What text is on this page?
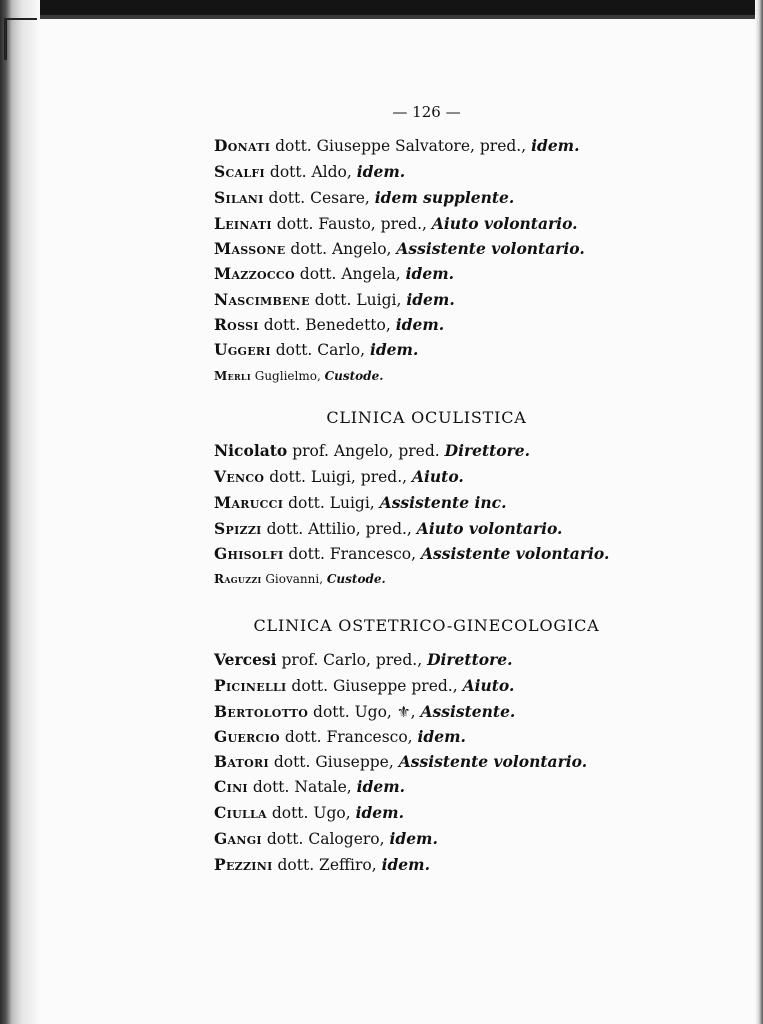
— 126 —
Donati dott. Giuseppe Salvatore, pred., idem.
Scalfi dott. Aldo, idem.
Silani dott. Cesare, idem supplente.
Leinati dott. Fausto, pred., Aiuto volontario.
Massone dott. Angelo, Assistente volontario.
Mazzocco dott. Angela, idem.
Nascimbene dott. Luigi, idem.
Rossi dott. Benedetto, idem.
Uggeri dott. Carlo, idem.
Merli Guglielmo, Custode.
CLINICA OCULISTICA
Nicolato prof. Angelo, pred. Direttore.
Venco dott. Luigi, pred., Aiuto.
Marucci dott. Luigi, Assistente inc.
Spizzi dott. Attilio, pred., Aiuto volontario.
Ghisolfi dott. Francesco, Assistente volontario.
Raguzzi Giovanni, Custode.
CLINICA OSTETRICO-GINECOLOGICA
Vercesi prof. Carlo, pred., Direttore.
Picinelli dott. Giuseppe pred., Aiuto.
Bertolotto dott. Ugo, ⚜, Assistente.
Guercio dott. Francesco, idem.
Batori dott. Giuseppe, Assistente volontario.
Cini dott. Natale, idem.
Ciulla dott. Ugo, idem.
Gangi dott. Calogero, idem.
Pezzini dott. Zeffiro, idem.
